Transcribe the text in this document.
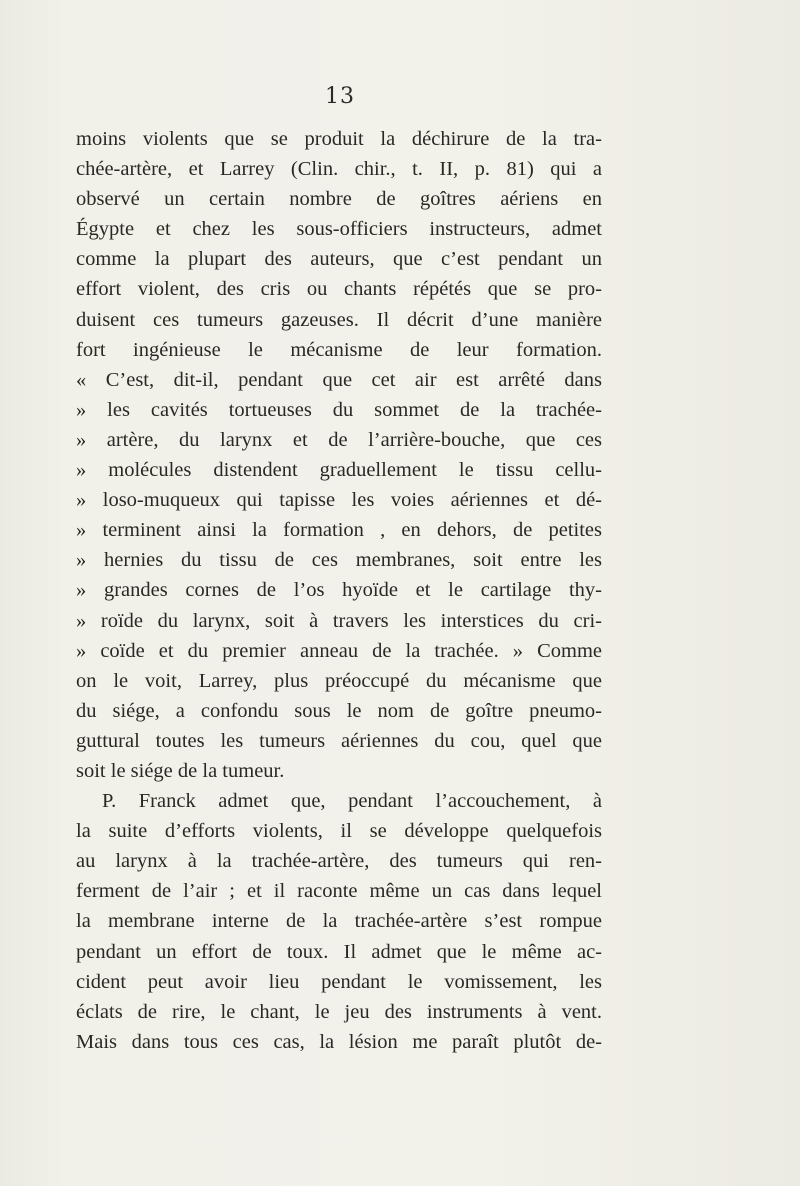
13
moins violents que se produit la déchirure de la tra-
chée-artère, et Larrey (Clin. chir., t. II, p. 81) qui a
observé un certain nombre de goîtres aériens en
Égypte et chez les sous-officiers instructeurs, admet
comme la plupart des auteurs, que c’est pendant un
effort violent, des cris ou chants répétés que se pro-
duisent ces tumeurs gazeuses. Il décrit d’une manière
fort ingénieuse le mécanisme de leur formation.
« C’est, dit-il, pendant que cet air est arrêté dans
» les cavités tortueuses du sommet de la trachée-
» artère, du larynx et de l’arrière-bouche, que ces
» molécules distendent graduellement le tissu cellu-
» loso-muqueux qui tapisse les voies aériennes et dé-
» terminent ainsi la formation , en dehors, de petites
» hernies du tissu de ces membranes, soit entre les
» grandes cornes de l’os hyoïde et le cartilage thy-
» roïde du larynx, soit à travers les interstices du cri-
» coïde et du premier anneau de la trachée. » Comme
on le voit, Larrey, plus préoccupé du mécanisme que
du siége, a confondu sous le nom de goître pneumo-
guttural toutes les tumeurs aériennes du cou, quel que
soit le siége de la tumeur.
P. Franck admet que, pendant l’accouchement, à
la suite d’efforts violents, il se développe quelquefois
au larynx à la trachée-artère, des tumeurs qui ren-
ferment de l’air ; et il raconte même un cas dans lequel
la membrane interne de la trachée-artère s’est rompue
pendant un effort de toux. Il admet que le même ac-
cident peut avoir lieu pendant le vomissement, les
éclats de rire, le chant, le jeu des instruments à vent.
Mais dans tous ces cas, la lésion me paraît plutôt de-
